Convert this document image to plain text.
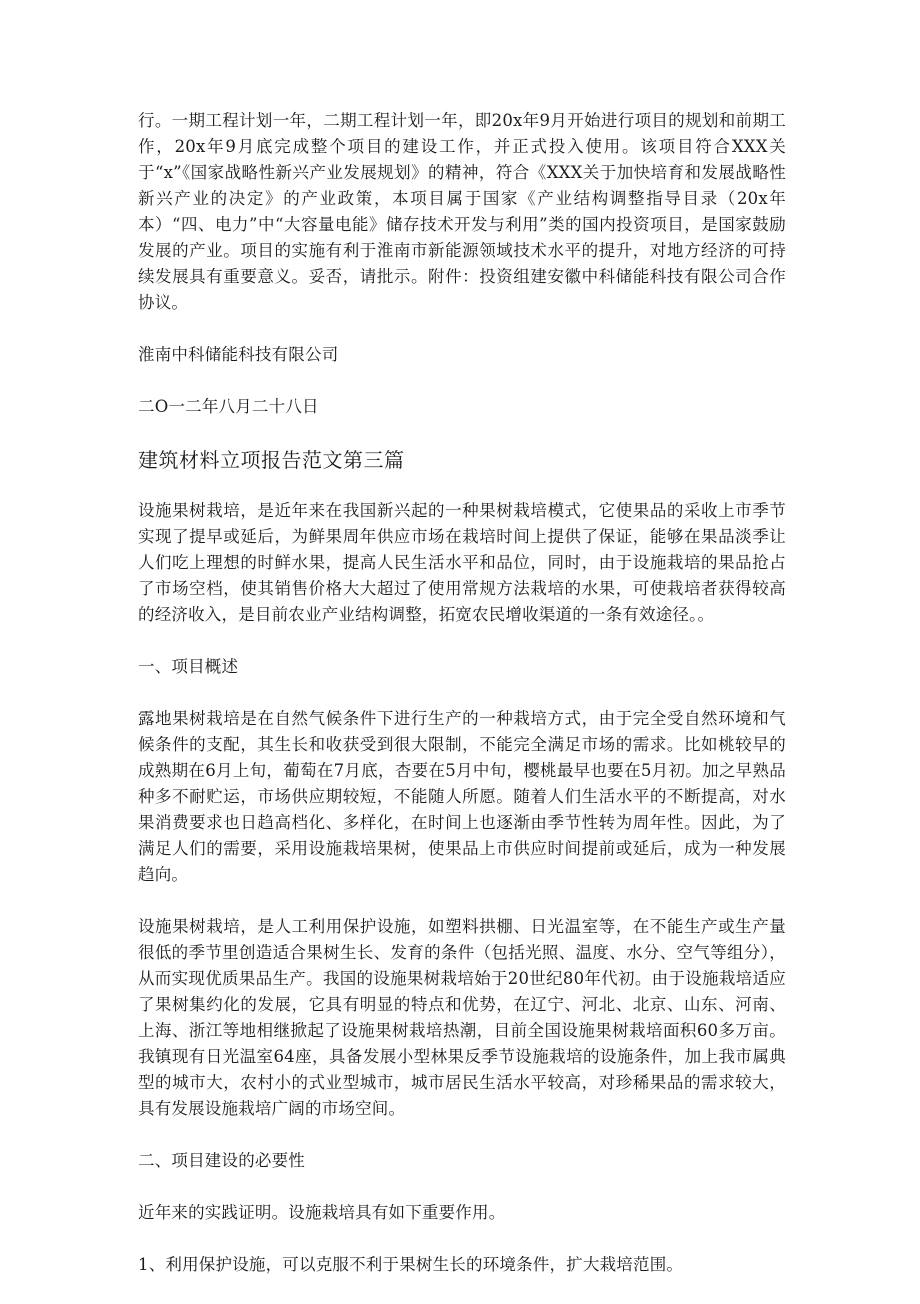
行。一期工程计划一年，二期工程计划一年，即20x年9月开始进行项目的规划和前期工作，20x年9月底完成整个项目的建设工作，并正式投入使用。该项目符合XXX关于“x”《国家战略性新兴产业发展规划》的精神，符合《XXX关于加快培育和发展战略性新兴产业的决定》的产业政策，本项目属于国家《产业结构调整指导目录（20x年本）“四、电力”中“大容量电能》储存技术开发与利用”类的国内投资项目，是国家鼓励发展的产业。项目的实施有利于淮南市新能源领域技术水平的提升，对地方经济的可持续发展具有重要意义。妥否，请批示。附件：投资组建安徽中科储能科技有限公司合作协议。

淮南中科储能科技有限公司

二O一二年八月二十八日

建筑材料立项报告范文第三篇

设施果树栽培，是近年来在我国新兴起的一种果树栽培模式，它使果品的采收上市季节实现了提早或延后，为鲜果周年供应市场在栽培时间上提供了保证，能够在果品淡季让人们吃上理想的时鲜水果，提高人民生活水平和品位，同时，由于设施栽培的果品抢占了市场空档，使其销售价格大大超过了使用常规方法栽培的水果，可使栽培者获得较高的经济收入，是目前农业产业结构调整，拓宽农民增收渠道的一条有效途径。。

一、项目概述

露地果树栽培是在自然气候条件下进行生产的一种栽培方式，由于完全受自然环境和气候条件的支配，其生长和收获受到很大限制，不能完全满足市场的需求。比如桃较早的成熟期在6月上旬，葡萄在7月底，杏要在5月中旬，樱桃最早也要在5月初。加之早熟品种多不耐贮运，市场供应期较短，不能随人所愿。随着人们生活水平的不断提高，对水果消费要求也日趋高档化、多样化，在时间上也逐渐由季节性转为周年性。因此，为了满足人们的需要，采用设施栽培果树，使果品上市供应时间提前或延后，成为一种发展趋向。

设施果树栽培，是人工利用保护设施，如塑料拱棚、日光温室等，在不能生产或生产量很低的季节里创造适合果树生长、发育的条件（包括光照、温度、水分、空气等组分），从而实现优质果品生产。我国的设施果树栽培始于20世纪80年代初。由于设施栽培适应了果树集约化的发展，它具有明显的特点和优势，在辽宁、河北、北京、山东、河南、上海、浙江等地相继掀起了设施果树栽培热潮，目前全国设施果树栽培面积60多万亩。我镇现有日光温室64座，具备发展小型林果反季节设施栽培的设施条件，加上我市属典型的城市大，农村小的式业型城市，城市居民生活水平较高，对珍稀果品的需求较大，具有发展设施栽培广阔的市场空间。

二、项目建设的必要性

近年来的实践证明。设施栽培具有如下重要作用。

1、利用保护设施，可以克服不利于果树生长的环境条件，扩大栽培范围。
